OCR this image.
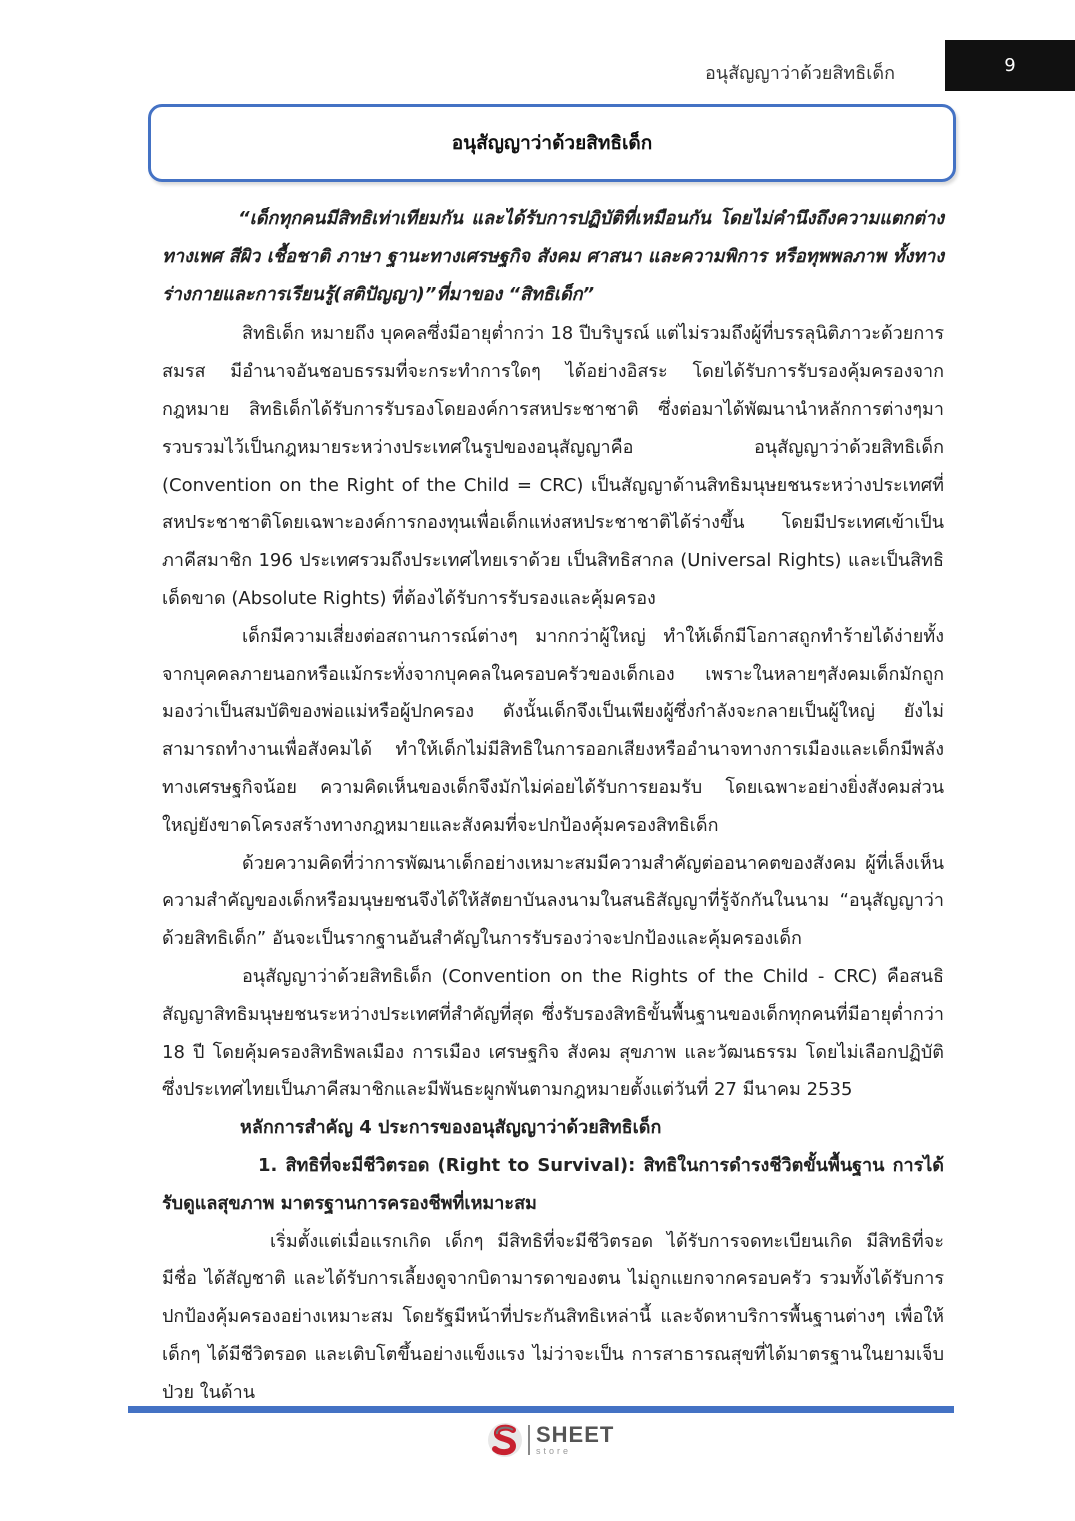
อนุสัญญาว่าด้วยสิทธิเด็ก	9
อนุสัญญาว่าด้วยสิทธิเด็ก

“เด็กทุกคนมีสิทธิเท่าเทียมกัน และได้รับการปฏิบัติที่เหมือนกัน โดยไม่คำนึงถึงความแตกต่างทางเพศ สีผิว เชื้อชาติ ภาษา ฐานะทางเศรษฐกิจ สังคม ศาสนา และความพิการ หรือทุพพลภาพ ทั้งทางร่างกายและการเรียนรู้(สติปัญญา)”ที่มาของ “สิทธิเด็ก”

สิทธิเด็ก หมายถึง บุคคลซึ่งมีอายุต่ำกว่า 18 ปีบริบูรณ์ แต่ไม่รวมถึงผู้ที่บรรลุนิติภาวะด้วยการสมรส มีอำนาจอันชอบธรรมที่จะกระทำการใดๆ ได้อย่างอิสระ โดยได้รับการรับรองคุ้มครองจากกฎหมาย สิทธิเด็กได้รับการรับรองโดยองค์การสหประชาชาติ ซึ่งต่อมาได้พัฒนานำหลักการต่างๆมารวบรวมไว้เป็นกฎหมายระหว่างประเทศในรูปของอนุสัญญาคือ อนุสัญญาว่าด้วยสิทธิเด็ก (Convention on the Right of the Child = CRC) เป็นสัญญาด้านสิทธิมนุษยชนระหว่างประเทศที่สหประชาชาติโดยเฉพาะองค์การกองทุนเพื่อเด็กแห่งสหประชาชาติได้ร่างขึ้น โดยมีประเทศเข้าเป็นภาคีสมาชิก 196 ประเทศรวมถึงประเทศไทยเราด้วย เป็นสิทธิสากล (Universal Rights) และเป็นสิทธิเด็ดขาด (Absolute Rights) ที่ต้องได้รับการรับรองและคุ้มครอง

เด็กมีความเสี่ยงต่อสถานการณ์ต่างๆ มากกว่าผู้ใหญ่ ทำให้เด็กมีโอกาสถูกทำร้ายได้ง่ายทั้งจากบุคคลภายนอกหรือแม้กระทั่งจากบุคคลในครอบครัวของเด็กเอง เพราะในหลายๆสังคมเด็กมักถูกมองว่าเป็นสมบัติของพ่อแม่หรือผู้ปกครอง ดังนั้นเด็กจึงเป็นเพียงผู้ซึ่งกำลังจะกลายเป็นผู้ใหญ่ ยังไม่สามารถทำงานเพื่อสังคมได้ ทำให้เด็กไม่มีสิทธิในการออกเสียงหรืออำนาจทางการเมืองและเด็กมีพลังทางเศรษฐกิจน้อย ความคิดเห็นของเด็กจึงมักไม่ค่อยได้รับการยอมรับ โดยเฉพาะอย่างยิ่งสังคมส่วนใหญ่ยังขาดโครงสร้างทางกฎหมายและสังคมที่จะปกป้องคุ้มครองสิทธิเด็ก

ด้วยความคิดที่ว่าการพัฒนาเด็กอย่างเหมาะสมมีความสำคัญต่ออนาคตของสังคม ผู้ที่เล็งเห็นความสำคัญของเด็กหรือมนุษยชนจึงได้ให้สัตยาบันลงนามในสนธิสัญญาที่รู้จักกันในนาม “อนุสัญญาว่าด้วยสิทธิเด็ก” อันจะเป็นรากฐานอันสำคัญในการรับรองว่าจะปกป้องและคุ้มครองเด็ก

อนุสัญญาว่าด้วยสิทธิเด็ก (Convention on the Rights of the Child - CRC) คือสนธิสัญญาสิทธิมนุษยชนระหว่างประเทศที่สำคัญที่สุด ซึ่งรับรองสิทธิขั้นพื้นฐานของเด็กทุกคนที่มีอายุต่ำกว่า 18 ปี โดยคุ้มครองสิทธิพลเมือง การเมือง เศรษฐกิจ สังคม สุขภาพ และวัฒนธรรม โดยไม่เลือกปฏิบัติ ซึ่งประเทศไทยเป็นภาคีสมาชิกและมีพันธะผูกพันตามกฎหมายตั้งแต่วันที่ 27 มีนาคม 2535

หลักการสำคัญ 4 ประการของอนุสัญญาว่าด้วยสิทธิเด็ก

1. สิทธิที่จะมีชีวิตรอด (Right to Survival): สิทธิในการดำรงชีวิตขั้นพื้นฐาน การได้รับดูแลสุขภาพ มาตรฐานการครองชีพที่เหมาะสม

เริ่มตั้งแต่เมื่อแรกเกิด เด็กๆ มีสิทธิที่จะมีชีวิตรอด ได้รับการจดทะเบียนเกิด มีสิทธิที่จะมีชื่อ ได้สัญชาติ และได้รับการเลี้ยงดูจากบิดามารดาของตน ไม่ถูกแยกจากครอบครัว รวมทั้งได้รับการปกป้องคุ้มครองอย่างเหมาะสม โดยรัฐมีหน้าที่ประกันสิทธิเหล่านี้ และจัดหาบริการพื้นฐานต่างๆ เพื่อให้เด็กๆ ได้มีชีวิตรอด และเติบโตขึ้นอย่างแข็งแรง ไม่ว่าจะเป็น การสาธารณสุขที่ได้มาตรฐานในยามเจ็บป่วย ในด้าน

SHEET
store
